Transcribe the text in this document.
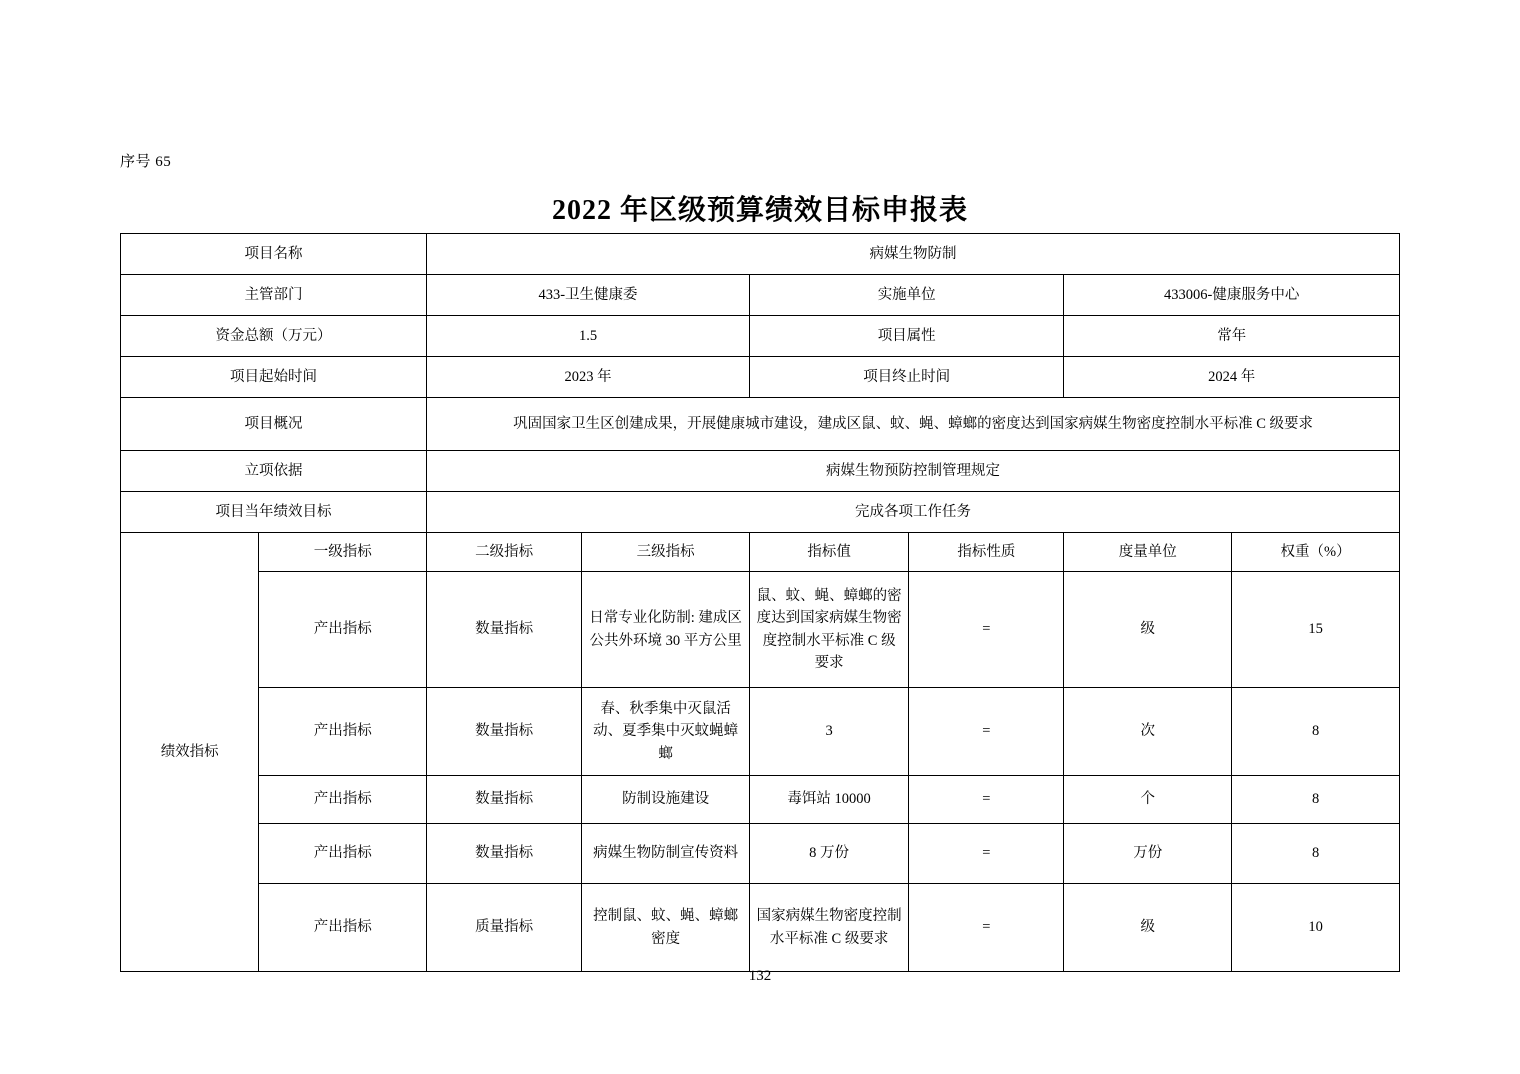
序号 65
2022 年区级预算绩效目标申报表
项目名称		病媒生物防制					
主管部门		433-卫生健康委		实施单位		433006-健康服务中心	
资金总额（万元）		1.5		项目属性		常年	
项目起始时间		2023 年		项目终止时间		2024 年	
项目概况		巩固国家卫生区创建成果，开展健康城市建设，建成区鼠、蚊、蝇、蟑螂的密度达到国家病媒生物密度控制水平标准 C 级要求					
立项依据		病媒生物预防控制管理规定					
项目当年绩效目标		完成各项工作任务					
绩效指标	一级指标	二级指标	三级指标	指标值	指标性质	度量单位	权重（%）
	产出指标	数量指标	日常专业化防制: 建成区公共外环境 30 平方公里	鼠、蚊、蝇、蟑螂的密度达到国家病媒生物密度控制水平标准 C 级要求	=	级	15
	产出指标	数量指标	春、秋季集中灭鼠活动、夏季集中灭蚊蝇蟑螂	3	=	次	8
	产出指标	数量指标	防制设施建设	毒饵站 10000	=	个	8
	产出指标	数量指标	病媒生物防制宣传资料	8 万份	=	万份	8
	产出指标	质量指标	控制鼠、蚊、蝇、蟑螂密度	国家病媒生物密度控制水平标准 C 级要求	=	级	10
132
